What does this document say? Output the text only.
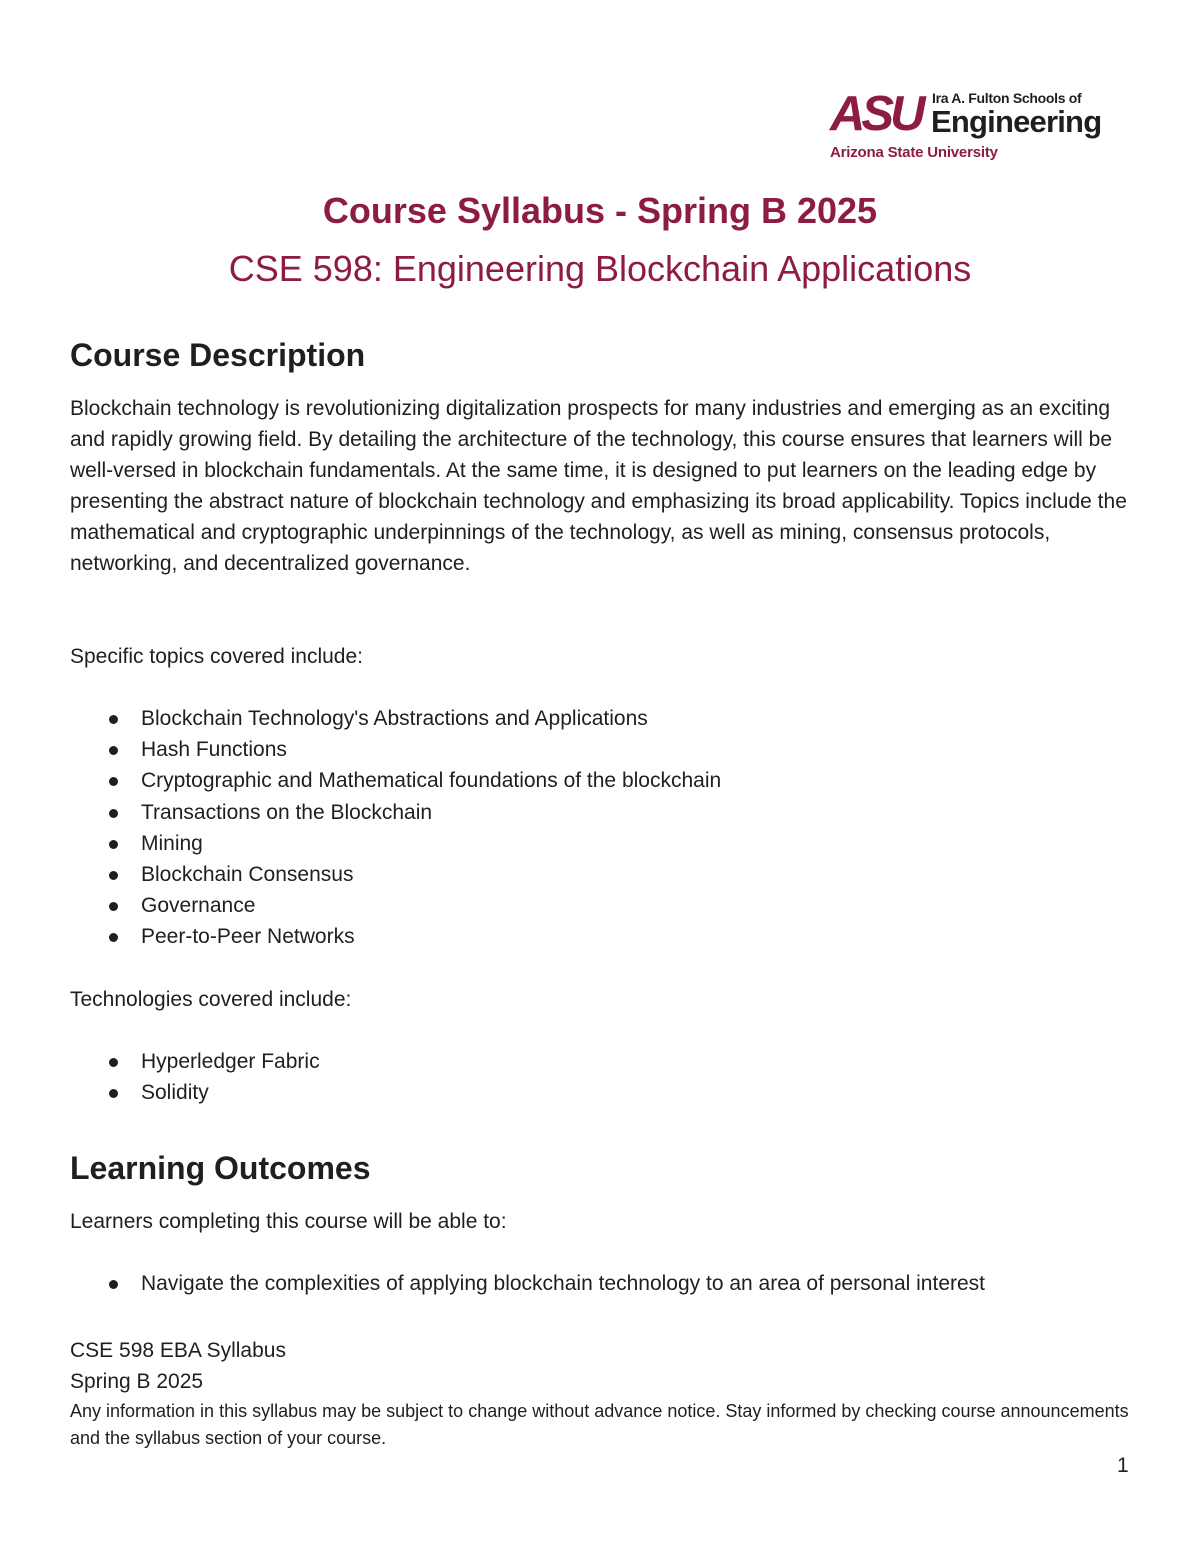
ASU Ira A. Fulton Schools of
Engineering
Arizona State University
Course Syllabus - Spring B 2025
CSE 598: Engineering Blockchain Applications
Course Description

Blockchain technology is revolutionizing digitalization prospects for many industries and emerging as an exciting and rapidly growing field. By detailing the architecture of the technology, this course ensures that learners will be well-versed in blockchain fundamentals. At the same time, it is designed to put learners on the leading edge by presenting the abstract nature of blockchain technology and emphasizing its broad applicability. Topics include the mathematical and cryptographic underpinnings of the technology, as well as mining, consensus protocols, networking, and decentralized governance.

Specific topics covered include:

Blockchain Technology's Abstractions and Applications
Hash Functions
Cryptographic and Mathematical foundations of the blockchain
Transactions on the Blockchain
Mining
Blockchain Consensus
Governance
Peer-to-Peer Networks

Technologies covered include:

Hyperledger Fabric
Solidity
Learning Outcomes

Learners completing this course will be able to:

Navigate the complexities of applying blockchain technology to an area of personal interest

CSE 598 EBA Syllabus

Spring B 2025

Any information in this syllabus may be subject to change without advance notice. Stay informed by checking course announcements and the syllabus section of your course.

1
